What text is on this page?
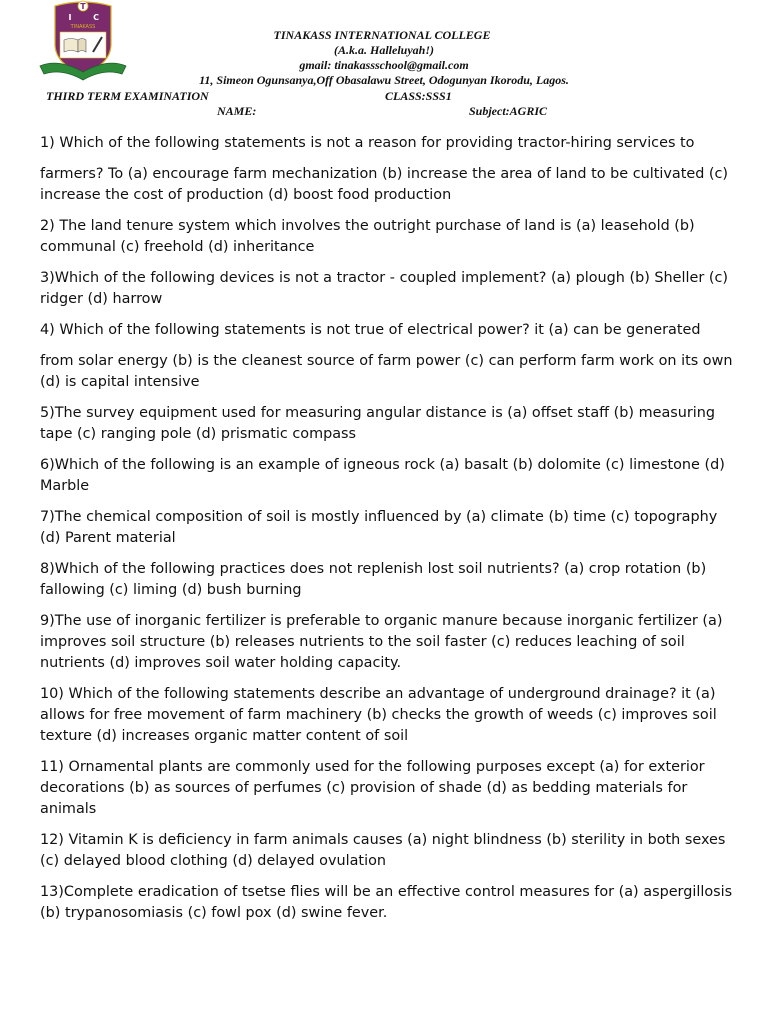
T
I	C
TINAKASS
TINAKASS INTERNATIONAL COLLEGE
(A.k.a. Halleluyah!)
gmail: tinakassschool@gmail.com
11, Simeon Ogunsanya,Off Obasalawu Street, Odogunyan Ikorodu, Lagos.
THIRD TERM EXAMINATION	CLASS:SSS1
NAME:	Subject:AGRIC

1) Which of the following statements is not a reason for providing tractor-hiring services to

farmers? To (a) encourage farm mechanization (b) increase the area of land to be cultivated (c) increase the cost of production (d) boost food production

2) The land tenure system which involves the outright purchase of land is (a) leasehold (b) communal (c) freehold (d) inheritance

3)Which of the following devices is not a tractor - coupled implement? (a) plough (b) Sheller (c) ridger (d) harrow

4) Which of the following statements is not true of electrical power? it (a) can be generated

from solar energy (b) is the cleanest source of farm power (c) can perform farm work on its own (d) is capital intensive

5)The survey equipment used for measuring angular distance is (a) offset staff (b) measuring tape (c) ranging pole (d) prismatic compass

6)Which of the following is an example of igneous rock (a) basalt (b) dolomite (c) limestone (d) Marble

7)The chemical composition of soil is mostly influenced by (a) climate (b) time (c) topography (d) Parent material

8)Which of the following practices does not replenish lost soil nutrients? (a) crop rotation (b) fallowing (c) liming (d) bush burning

9)The use of inorganic fertilizer is preferable to organic manure because inorganic fertilizer (a) improves soil structure (b) releases nutrients to the soil faster (c) reduces leaching of soil nutrients (d) improves soil water holding capacity.

10) Which of the following statements describe an advantage of underground drainage? it (a) allows for free movement of farm machinery (b) checks the growth of weeds (c) improves soil texture (d) increases organic matter content of soil

11) Ornamental plants are commonly used for the following purposes except (a) for exterior decorations (b) as sources of perfumes (c) provision of shade (d) as bedding materials for animals

12) Vitamin K is deficiency in farm animals causes (a) night blindness (b) sterility in both sexes (c) delayed blood clothing (d) delayed ovulation

13)Complete eradication of tsetse flies will be an effective control measures for (a) aspergillosis (b) trypanosomiasis (c) fowl pox (d) swine fever.
